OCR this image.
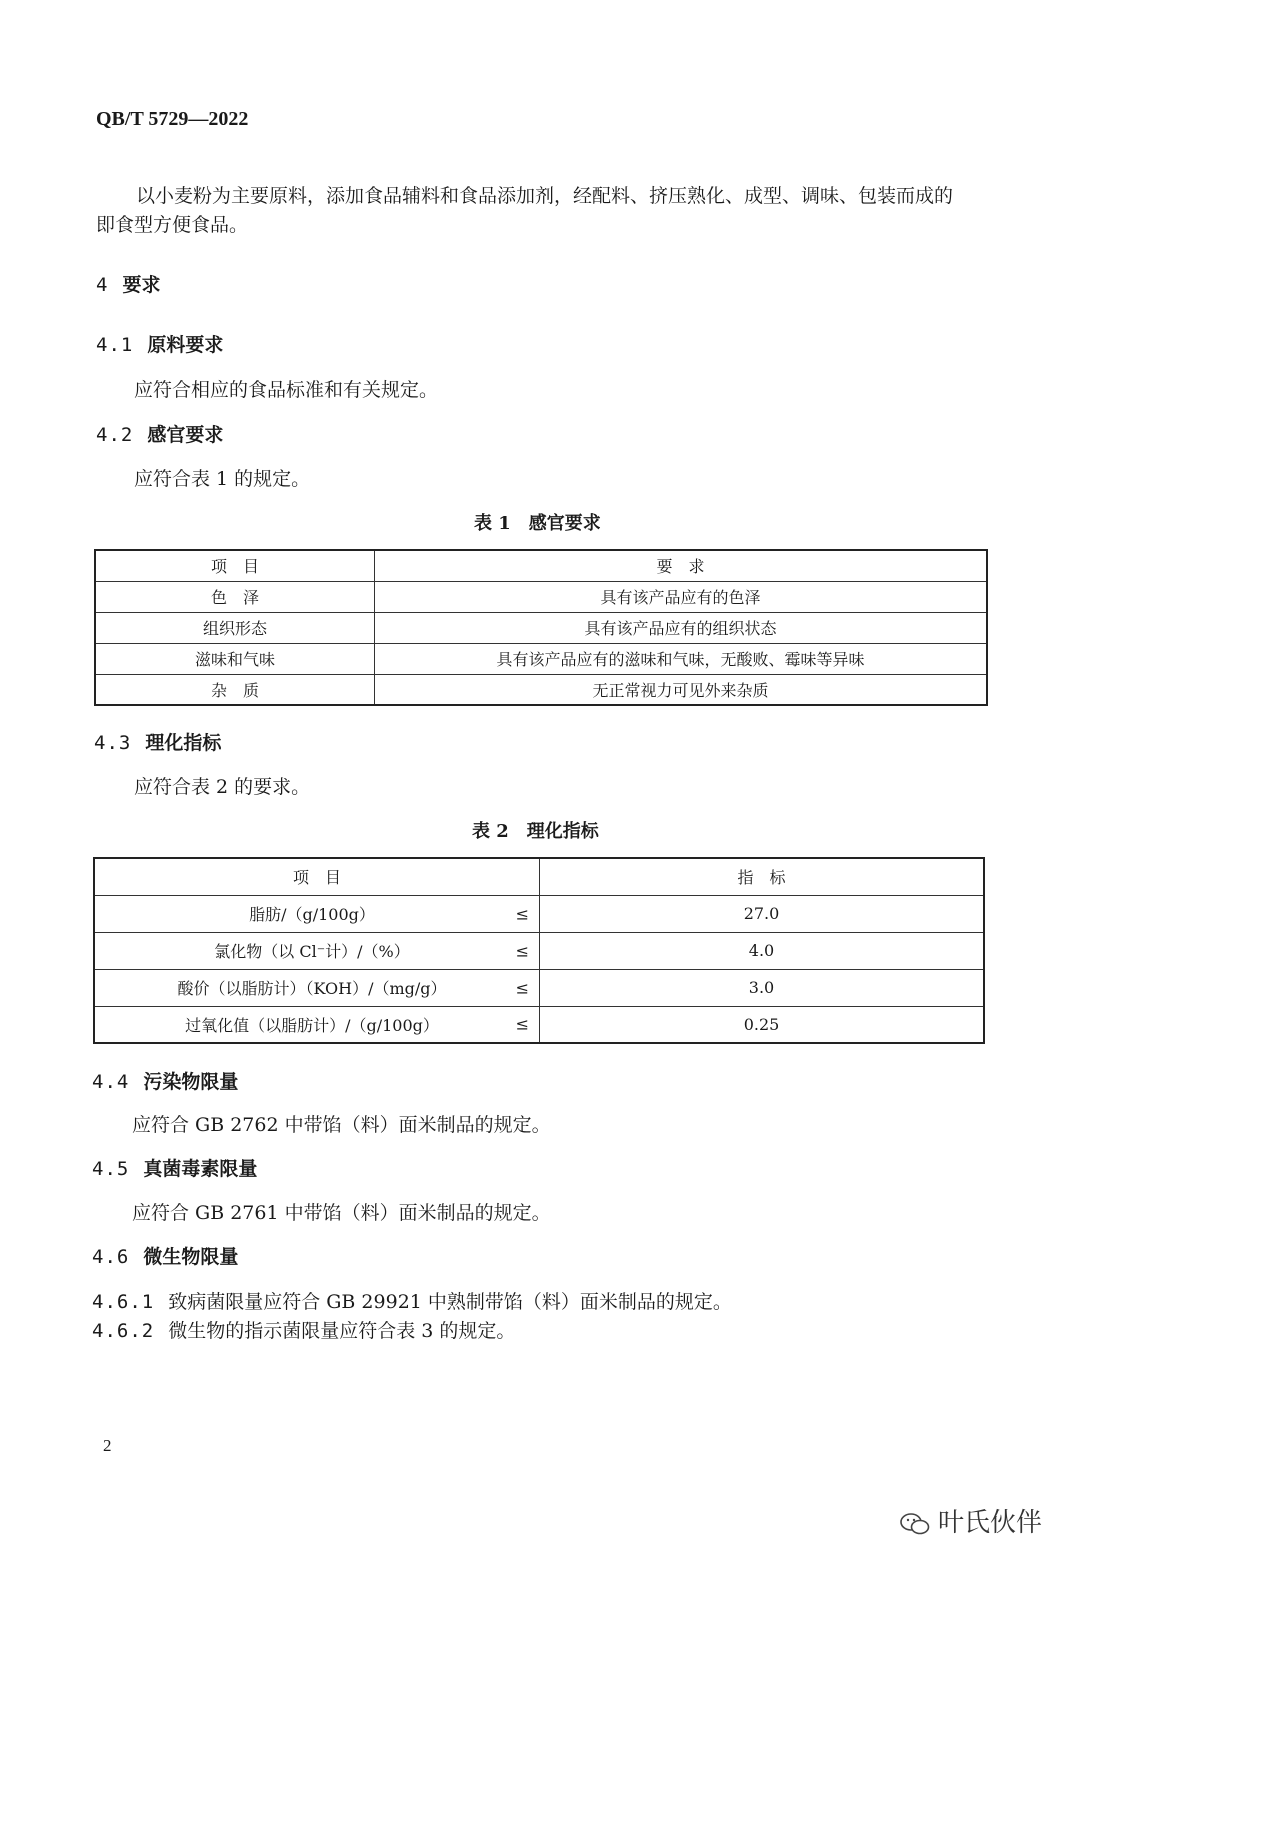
QB/T 5729—2022
以小麦粉为主要原料，添加食品辅料和食品添加剂，经配料、挤压熟化、成型、调味、包装而成的
即食型方便食品。
4 要求
4.1 原料要求
应符合相应的食品标准和有关规定。
4.2 感官要求
应符合表 1 的规定。
表 1　感官要求
项　目	要　求
色　泽	具有该产品应有的色泽
组织形态	具有该产品应有的组织状态
滋味和气味	具有该产品应有的滋味和气味，无酸败、霉味等异味
杂　质	无正常视力可见外来杂质
4.3 理化指标
应符合表 2 的要求。
表 2　理化指标
项　目	指　标
脂肪/（g/100g） ≤	27.0
氯化物（以 Cl⁻计）/（%） ≤	4.0
酸价（以脂肪计）（KOH）/（mg/g） ≤	3.0
过氧化值（以脂肪计）/（g/100g） ≤	0.25
4.4 污染物限量
应符合 GB 2762 中带馅（料）面米制品的规定。
4.5 真菌毒素限量
应符合 GB 2761 中带馅（料）面米制品的规定。
4.6 微生物限量
4.6.1 致病菌限量应符合 GB 29921 中熟制带馅（料）面米制品的规定。
4.6.2 微生物的指示菌限量应符合表 3 的规定。
2
叶氏伙伴
